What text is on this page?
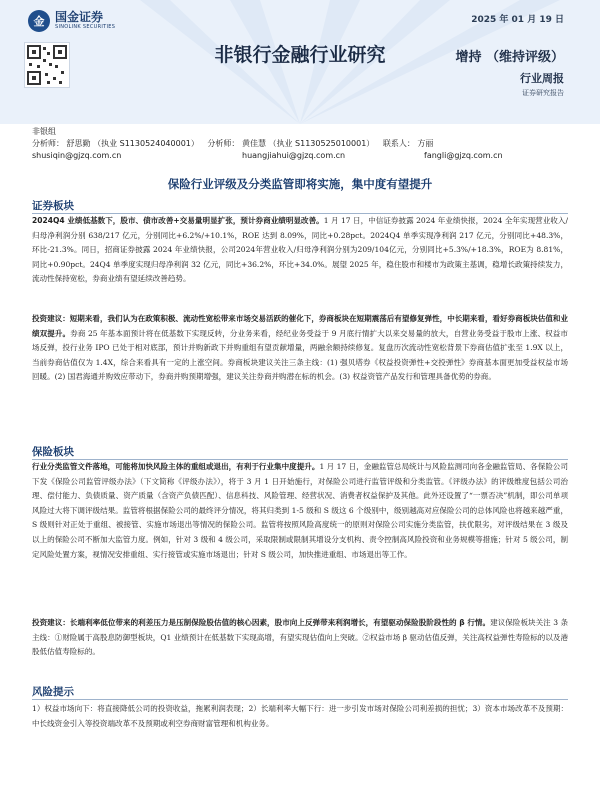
金 国金证券
SINOLINK SECURITIES
2025 年 01 月 19 日
非银行金融行业研究	增持 （维持评级）
行业周报
证券研究报告
非银组
分析师： 舒思勤 （执业 S1130524040001） 分析师： 黄佳慧 （执业 S1130525010001） 联系人： 方丽
shusiqin@gjzq.com.cn	huangjiahui@gjzq.com.cn	fangli@gjzq.com.cn
保险行业评级及分类监管即将实施，集中度有望提升
证券板块
2024Q4 业绩低基数下，股市、债市改善+交易量明显扩张，预计券商业绩明显改善。1 月 17 日，中信证券披露 2024 年业绩快报，2024 全年实现营业收入/归母净利润分别 638/217 亿元，分别同比+6.2%/+10.1%，ROE 达到 8.09%，同比+0.28pct。2024Q4 单季实现净利润 217 亿元，分别同比+48.3%，环比-21.3%。同日，招商证券披露 2024 年业绩快报，公司2024年营业收入/归母净利润分别为209/104亿元，分别同比+5.3%/+18.3%，ROE为 8.81%，同比+0.90pct。24Q4 单季度实现归母净利润 32 亿元，同比+36.2%，环比+34.0%。展望 2025 年，稳住股市和楼市为政策主基调，稳增长政策持续发力，流动性保持宽松，券商业绩有望延续改善趋势。
投资建议：短期来看，我们认为在政策积极、流动性宽松带来市场交易活跃的催化下，券商板块在短期震荡后有望修复弹性，中长期来看，看好券商板块估值和业绩双提升。券商 25 年基本面预计将在低基数下实现反转，分业务来看，经纪业务受益于 9 月底行情扩大以来交易量的放大，自营业务受益于股市上涨、权益市场反弹，投行业务 IPO 已处于相对底部，预计并购新政下并购重组有望贡献增量，两融余额持续修复。复盘历次流动性宽松背景下券商估值扩张至 1.9X 以上，当前券商估值仅为 1.4X，综合来看具有一定的上涨空间。券商板块建议关注三条主线：(1) 强贝塔券《权益投资弹性+交投弹性》券商基本面更加受益权益市场回暖。(2) 国君海通并购效应带动下，券商并购预期增强，建议关注券商并购潜在标的机会。(3) 权益资管产品发行和管理具备优势的券商。
保险板块
行业分类监管文件落地，可能将加快风险主体的重组或退出，有利于行业集中度提升。1 月 17 日，金融监管总局统计与风险监测司向各金融监管局、各保险公司下发《保险公司监管评级办法》（下文简称《评级办法》），将于 3 月 1 日开始施行，对保险公司进行监管评级和分类监管。《评级办法》的评级维度包括公司治理、偿付能力、负债质量、资产质量（含资产负债匹配）、信息科技、风险管理、经营状况、消费者权益保护及其他。此外还设置了“一票否决”机制，即公司单项风险过大将下调评级结果。监管将根据保险公司的最终评分情况，将其归类到 1-5 级和 S 级这 6 个级别中，级别越高对应保险公司的总体风险也将越来越严重，S 级则针对正处于重组、被接管、实施市场退出等情况的保险公司。监管将按照风险高度统一的原则对保险公司实施分类监管，扶优限劣，对评级结果在 3 级及以上的保险公司不断加大监管力度。例如，针对 3 级和 4 级公司，采取限制或限制其增设分支机构、责令控制高风险投资和业务规模等措施；针对 5 级公司，制定风险处置方案，视情况安排重组、实行接管或实施市场退出；针对 S 级公司，加快推进重组、市场退出等工作。
投资建议：长端利率低位带来的利差压力是压制保险股估值的核心因素，股市向上反弹带来利润增长，有望驱动保险股阶段性的 β 行情。建议保险板块关注 3 条主线：①财险属于高股息防御型板块，Q1 业绩预计在低基数下实现高增，有望实现估值向上突破。②权益市场 β 驱动估值反弹，关注高权益弹性寿险标的以及港股低估值寿险标的。
风险提示
1）权益市场向下：将直接降低公司的投资收益，拖累利润表现；2）长端利率大幅下行：进一步引发市场对保险公司利差损的担忧；3）资本市场改革不及预期：中长线资金引入等投资端改革不及预期或利空券商财富管理和机构业务。
